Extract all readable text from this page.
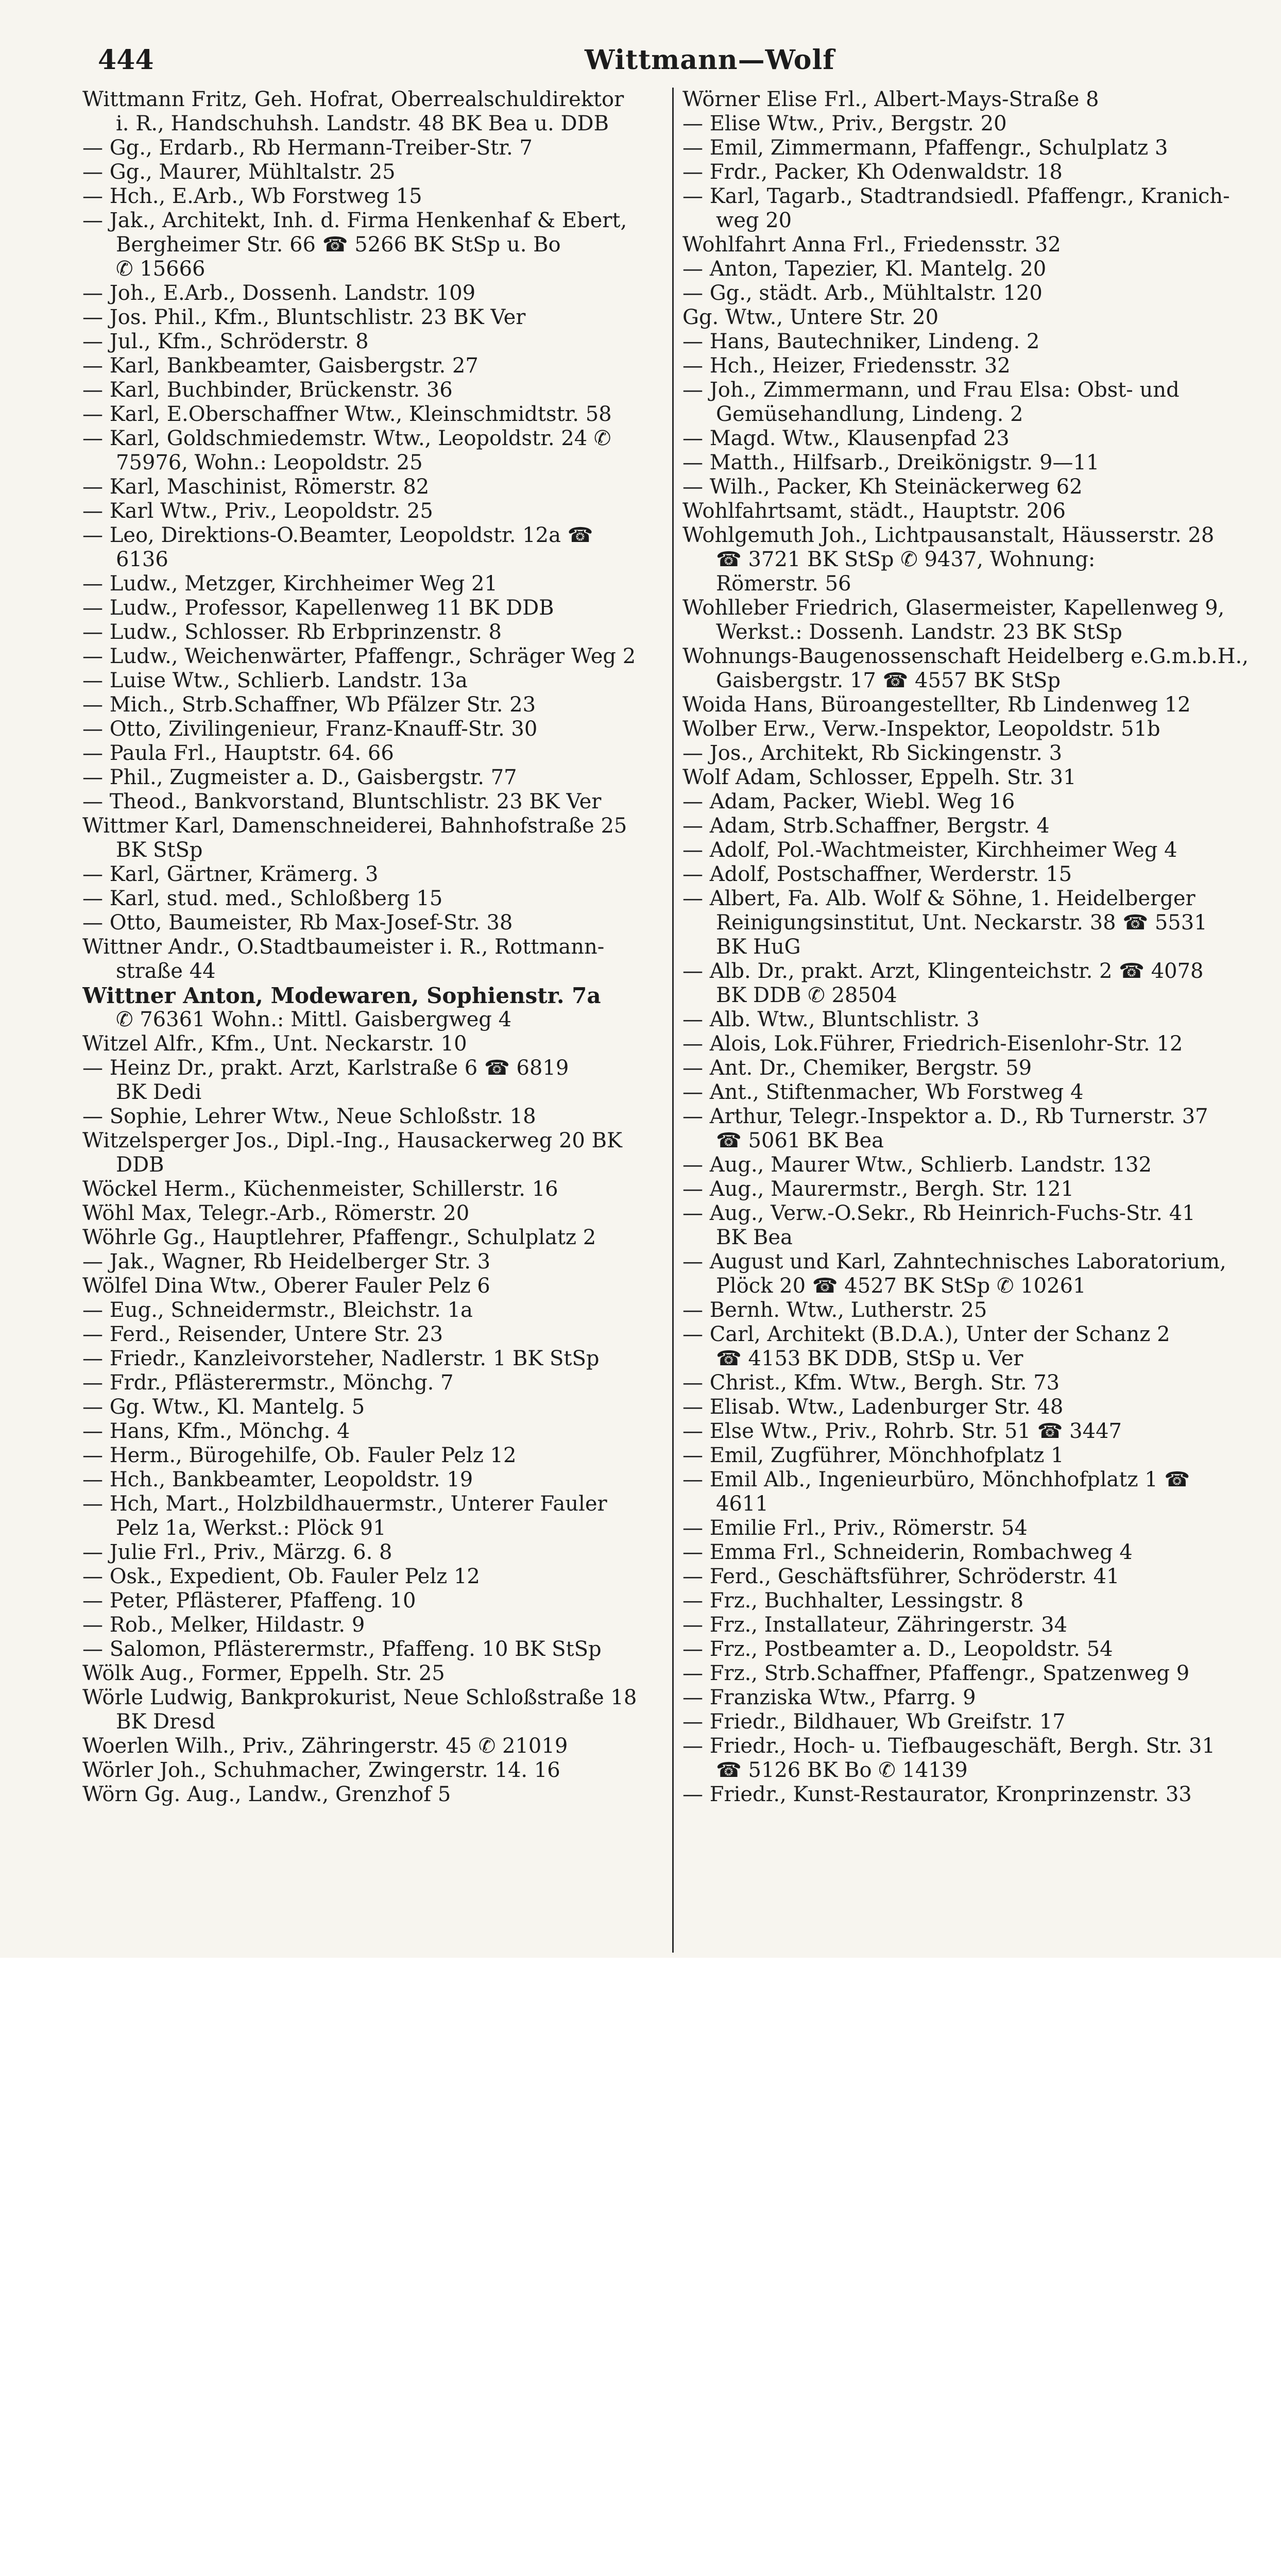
444	Wittmann—Wolf
Wittmann Fritz, Geh. Hofrat, Oberrealschuldirektor
i. R., Handschuhsh. Landstr. 48 BK Bea u. DDB
— Gg., Erdarb., Rb Hermann-Treiber-Str. 7
— Gg., Maurer, Mühltalstr. 25
— Hch., E.Arb., Wb Forstweg 15
— Jak., Architekt, Inh. d. Firma Henkenhaf & Ebert,
Bergheimer Str. 66 ☎ 5266 BK StSp u. Bo
✆ 15666
— Joh., E.Arb., Dossenh. Landstr. 109
— Jos. Phil., Kfm., Bluntschlistr. 23 BK Ver
— Jul., Kfm., Schröderstr. 8
— Karl, Bankbeamter, Gaisbergstr. 27
— Karl, Buchbinder, Brückenstr. 36
— Karl, E.Oberschaffner Wtw., Kleinschmidtstr. 58
— Karl, Goldschmiedemstr. Wtw., Leopoldstr. 24 ✆
75976, Wohn.: Leopoldstr. 25
— Karl, Maschinist, Römerstr. 82
— Karl Wtw., Priv., Leopoldstr. 25
— Leo, Direktions-O.Beamter, Leopoldstr. 12a ☎
6136
— Ludw., Metzger, Kirchheimer Weg 21
— Ludw., Professor, Kapellenweg 11 BK DDB
— Ludw., Schlosser. Rb Erbprinzenstr. 8
— Ludw., Weichenwärter, Pfaffengr., Schräger Weg 2
— Luise Wtw., Schlierb. Landstr. 13a
— Mich., Strb.Schaffner, Wb Pfälzer Str. 23
— Otto, Zivilingenieur, Franz-Knauff-Str. 30
— Paula Frl., Hauptstr. 64. 66
— Phil., Zugmeister a. D., Gaisbergstr. 77
— Theod., Bankvorstand, Bluntschlistr. 23 BK Ver
Wittmer Karl, Damenschneiderei, Bahnhofstraße 25
BK StSp
— Karl, Gärtner, Krämerg. 3
— Karl, stud. med., Schloßberg 15
— Otto, Baumeister, Rb Max-Josef-Str. 38
Wittner Andr., O.Stadtbaumeister i. R., Rottmann-
straße 44
Wittner Anton, Modewaren, Sophienstr. 7a
✆ 76361 Wohn.: Mittl. Gaisbergweg 4
Witzel Alfr., Kfm., Unt. Neckarstr. 10
— Heinz Dr., prakt. Arzt, Karlstraße 6 ☎ 6819
BK Dedi
— Sophie, Lehrer Wtw., Neue Schloßstr. 18
Witzelsperger Jos., Dipl.-Ing., Hausackerweg 20 BK
DDB
Wöckel Herm., Küchenmeister, Schillerstr. 16
Wöhl Max, Telegr.-Arb., Römerstr. 20
Wöhrle Gg., Hauptlehrer, Pfaffengr., Schulplatz 2
— Jak., Wagner, Rb Heidelberger Str. 3
Wölfel Dina Wtw., Oberer Fauler Pelz 6
— Eug., Schneidermstr., Bleichstr. 1a
— Ferd., Reisender, Untere Str. 23
— Friedr., Kanzleivorsteher, Nadlerstr. 1 BK StSp
— Frdr., Pflästerermstr., Mönchg. 7
— Gg. Wtw., Kl. Mantelg. 5
— Hans, Kfm., Mönchg. 4
— Herm., Bürogehilfe, Ob. Fauler Pelz 12
— Hch., Bankbeamter, Leopoldstr. 19
— Hch, Mart., Holzbildhauermstr., Unterer Fauler
Pelz 1a, Werkst.: Plöck 91
— Julie Frl., Priv., Märzg. 6. 8
— Osk., Expedient, Ob. Fauler Pelz 12
— Peter, Pflästerer, Pfaffeng. 10
— Rob., Melker, Hildastr. 9
— Salomon, Pflästerermstr., Pfaffeng. 10 BK StSp
Wölk Aug., Former, Eppelh. Str. 25
Wörle Ludwig, Bankprokurist, Neue Schloßstraße 18
BK Dresd
Woerlen Wilh., Priv., Zähringerstr. 45 ✆ 21019
Wörler Joh., Schuhmacher, Zwingerstr. 14. 16
Wörn Gg. Aug., Landw., Grenzhof 5
Wörner Elise Frl., Albert-Mays-Straße 8
— Elise Wtw., Priv., Bergstr. 20
— Emil, Zimmermann, Pfaffengr., Schulplatz 3
— Frdr., Packer, Kh Odenwaldstr. 18
— Karl, Tagarb., Stadtrandsiedl. Pfaffengr., Kranich-
weg 20
Wohlfahrt Anna Frl., Friedensstr. 32
— Anton, Tapezier, Kl. Mantelg. 20
— Gg., städt. Arb., Mühltalstr. 120
Gg. Wtw., Untere Str. 20
— Hans, Bautechniker, Lindeng. 2
— Hch., Heizer, Friedensstr. 32
— Joh., Zimmermann, und Frau Elsa: Obst- und
Gemüsehandlung, Lindeng. 2
— Magd. Wtw., Klausenpfad 23
— Matth., Hilfsarb., Dreikönigstr. 9—11
— Wilh., Packer, Kh Steinäckerweg 62
Wohlfahrtsamt, städt., Hauptstr. 206
Wohlgemuth Joh., Lichtpausanstalt, Häusserstr. 28
☎ 3721 BK StSp ✆ 9437, Wohnung:
Römerstr. 56
Wohlleber Friedrich, Glasermeister, Kapellenweg 9,
Werkst.: Dossenh. Landstr. 23 BK StSp
Wohnungs-Baugenossenschaft Heidelberg e.G.m.b.H.,
Gaisbergstr. 17 ☎ 4557 BK StSp
Woida Hans, Büroangestellter, Rb Lindenweg 12
Wolber Erw., Verw.-Inspektor, Leopoldstr. 51b
— Jos., Architekt, Rb Sickingenstr. 3
Wolf Adam, Schlosser, Eppelh. Str. 31
— Adam, Packer, Wiebl. Weg 16
— Adam, Strb.Schaffner, Bergstr. 4
— Adolf, Pol.-Wachtmeister, Kirchheimer Weg 4
— Adolf, Postschaffner, Werderstr. 15
— Albert, Fa. Alb. Wolf & Söhne, 1. Heidelberger
Reinigungsinstitut, Unt. Neckarstr. 38 ☎ 5531
BK HuG
— Alb. Dr., prakt. Arzt, Klingenteichstr. 2 ☎ 4078
BK DDB ✆ 28504
— Alb. Wtw., Bluntschlistr. 3
— Alois, Lok.Führer, Friedrich-Eisenlohr-Str. 12
— Ant. Dr., Chemiker, Bergstr. 59
— Ant., Stiftenmacher, Wb Forstweg 4
— Arthur, Telegr.-Inspektor a. D., Rb Turnerstr. 37
☎ 5061 BK Bea
— Aug., Maurer Wtw., Schlierb. Landstr. 132
— Aug., Maurermstr., Bergh. Str. 121
— Aug., Verw.-O.Sekr., Rb Heinrich-Fuchs-Str. 41
BK Bea
— August und Karl, Zahntechnisches Laboratorium,
Plöck 20 ☎ 4527 BK StSp ✆ 10261
— Bernh. Wtw., Lutherstr. 25
— Carl, Architekt (B.D.A.), Unter der Schanz 2
☎ 4153 BK DDB, StSp u. Ver
— Christ., Kfm. Wtw., Bergh. Str. 73
— Elisab. Wtw., Ladenburger Str. 48
— Else Wtw., Priv., Rohrb. Str. 51 ☎ 3447
— Emil, Zugführer, Mönchhofplatz 1
— Emil Alb., Ingenieurbüro, Mönchhofplatz 1 ☎
4611
— Emilie Frl., Priv., Römerstr. 54
— Emma Frl., Schneiderin, Rombachweg 4
— Ferd., Geschäftsführer, Schröderstr. 41
— Frz., Buchhalter, Lessingstr. 8
— Frz., Installateur, Zähringerstr. 34
— Frz., Postbeamter a. D., Leopoldstr. 54
— Frz., Strb.Schaffner, Pfaffengr., Spatzenweg 9
— Franziska Wtw., Pfarrg. 9
— Friedr., Bildhauer, Wb Greifstr. 17
— Friedr., Hoch- u. Tiefbaugeschäft, Bergh. Str. 31
☎ 5126 BK Bo ✆ 14139
— Friedr., Kunst-Restaurator, Kronprinzenstr. 33
